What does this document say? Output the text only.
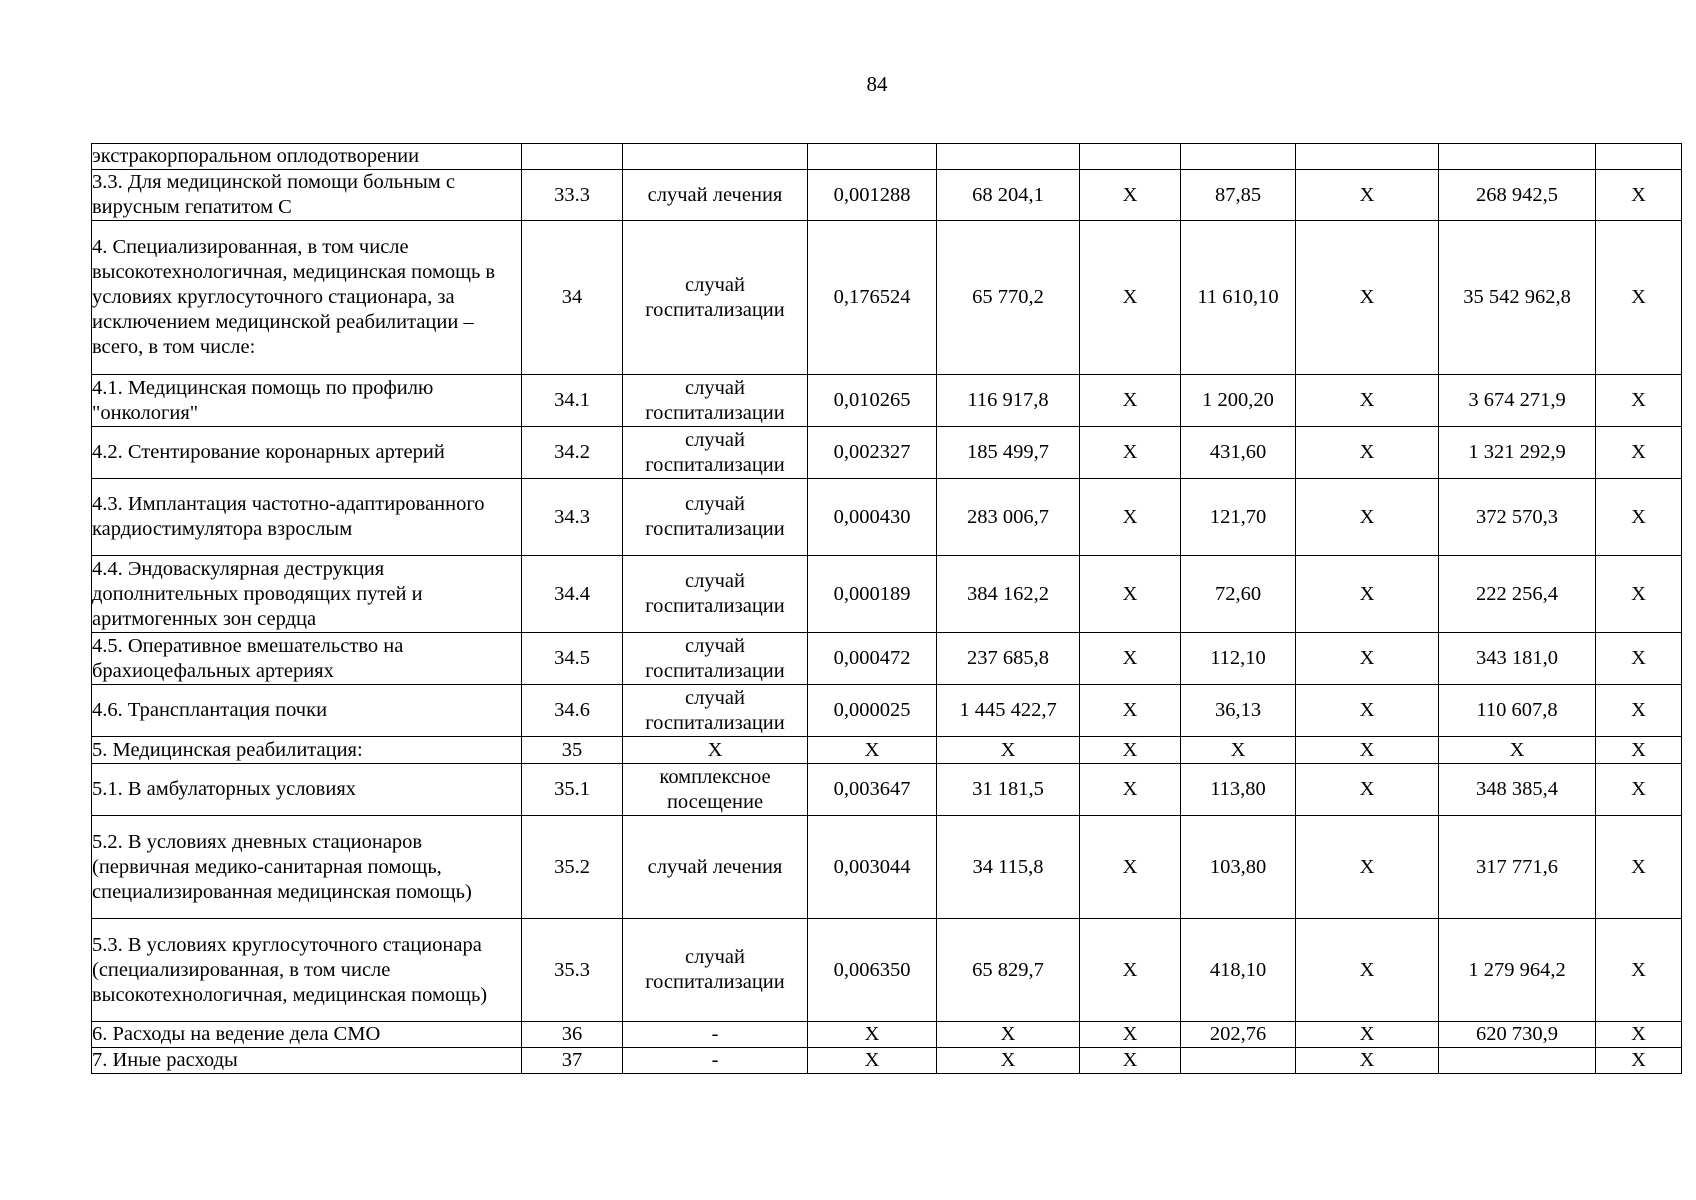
84
экстракорпоральном оплодотворении									
3.3. Для медицинской помощи больным с вирусным гепатитом С	33.3	случай лечения	0,001288	68 204,1	X	87,85	X	268 942,5	X
4. Специализированная, в том числе высокотехнологичная, медицинская помощь в условиях круглосуточного стационара, за исключением медицинской реабилитации – всего, в том числе:	34	случай госпитализации	0,176524	65 770,2	X	11 610,10	X	35 542 962,8	X
4.1. Медицинская помощь по профилю "онкология"	34.1	случай госпитализации	0,010265	116 917,8	X	1 200,20	X	3 674 271,9	X
4.2. Стентирование коронарных артерий	34.2	случай госпитализации	0,002327	185 499,7	X	431,60	X	1 321 292,9	X
4.3. Имплантация частотно-адаптированного кардиостимулятора взрослым	34.3	случай госпитализации	0,000430	283 006,7	X	121,70	X	372 570,3	X
4.4. Эндоваскулярная деструкция дополнительных проводящих путей и аритмогенных зон сердца	34.4	случай госпитализации	0,000189	384 162,2	X	72,60	X	222 256,4	X
4.5. Оперативное вмешательство на брахиоцефальных артериях	34.5	случай госпитализации	0,000472	237 685,8	X	112,10	X	343 181,0	X
4.6. Трансплантация почки	34.6	случай госпитализации	0,000025	1 445 422,7	X	36,13	X	110 607,8	X
5. Медицинская реабилитация:	35	X	X	X	X	X	X	X	X
5.1. В амбулаторных условиях	35.1	комплексное посещение	0,003647	31 181,5	X	113,80	X	348 385,4	X
5.2. В условиях дневных стационаров (первичная медико-санитарная помощь, специализированная медицинская помощь)	35.2	случай лечения	0,003044	34 115,8	X	103,80	X	317 771,6	X
5.3. В условиях круглосуточного стационара (специализированная, в том числе высокотехнологичная, медицинская помощь)	35.3	случай госпитализации	0,006350	65 829,7	X	418,10	X	1 279 964,2	X
6. Расходы на ведение дела СМО	36	-	X	X	X	202,76	X	620 730,9	X
7. Иные расходы	37	-	X	X	X		X		X
